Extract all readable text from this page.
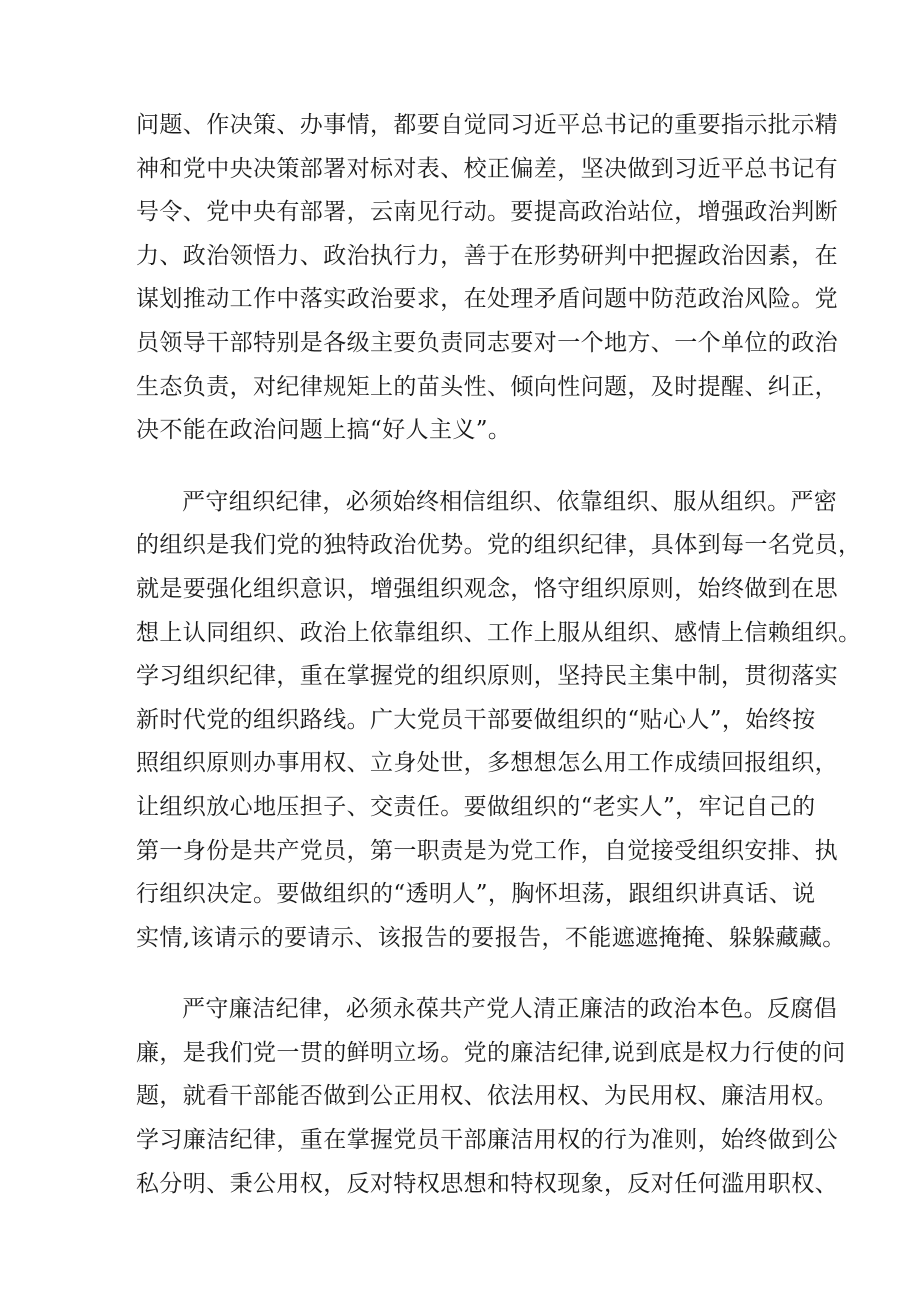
问题、作决策、办事情，都要自觉同习近平总书记的重要指示批示精
神和党中央决策部署对标对表、校正偏差，坚决做到习近平总书记有
号令、党中央有部署，云南见行动。要提高政治站位，增强政治判断
力、政治领悟力、政治执行力，善于在形势研判中把握政治因素，在
谋划推动工作中落实政治要求，在处理矛盾问题中防范政治风险。党
员领导干部特别是各级主要负责同志要对一个地方、一个单位的政治
生态负责，对纪律规矩上的苗头性、倾向性问题，及时提醒、纠正，
决不能在政治问题上搞“好人主义”。
严守组织纪律，必须始终相信组织、依靠组织、服从组织。严密
的组织是我们党的独特政治优势。党的组织纪律，具体到每一名党员，
就是要强化组织意识，增强组织观念，恪守组织原则，始终做到在思
想上认同组织、政治上依靠组织、工作上服从组织、感情上信赖组织。
学习组织纪律，重在掌握党的组织原则，坚持民主集中制，贯彻落实
新时代党的组织路线。广大党员干部要做组织的“贴心人”，始终按
照组织原则办事用权、立身处世，多想想怎么用工作成绩回报组织，
让组织放心地压担子、交责任。要做组织的“老实人”，牢记自己的
第一身份是共产党员，第一职责是为党工作，自觉接受组织安排、执
行组织决定。要做组织的“透明人”，胸怀坦荡，跟组织讲真话、说
实情,该请示的要请示、该报告的要报告，不能遮遮掩掩、躲躲藏藏。
严守廉洁纪律，必须永葆共产党人清正廉洁的政治本色。反腐倡
廉，是我们党一贯的鲜明立场。党的廉洁纪律,说到底是权力行使的问
题，就看干部能否做到公正用权、依法用权、为民用权、廉洁用权。
学习廉洁纪律，重在掌握党员干部廉洁用权的行为准则，始终做到公
私分明、秉公用权，反对特权思想和特权现象，反对任何滥用职权、
